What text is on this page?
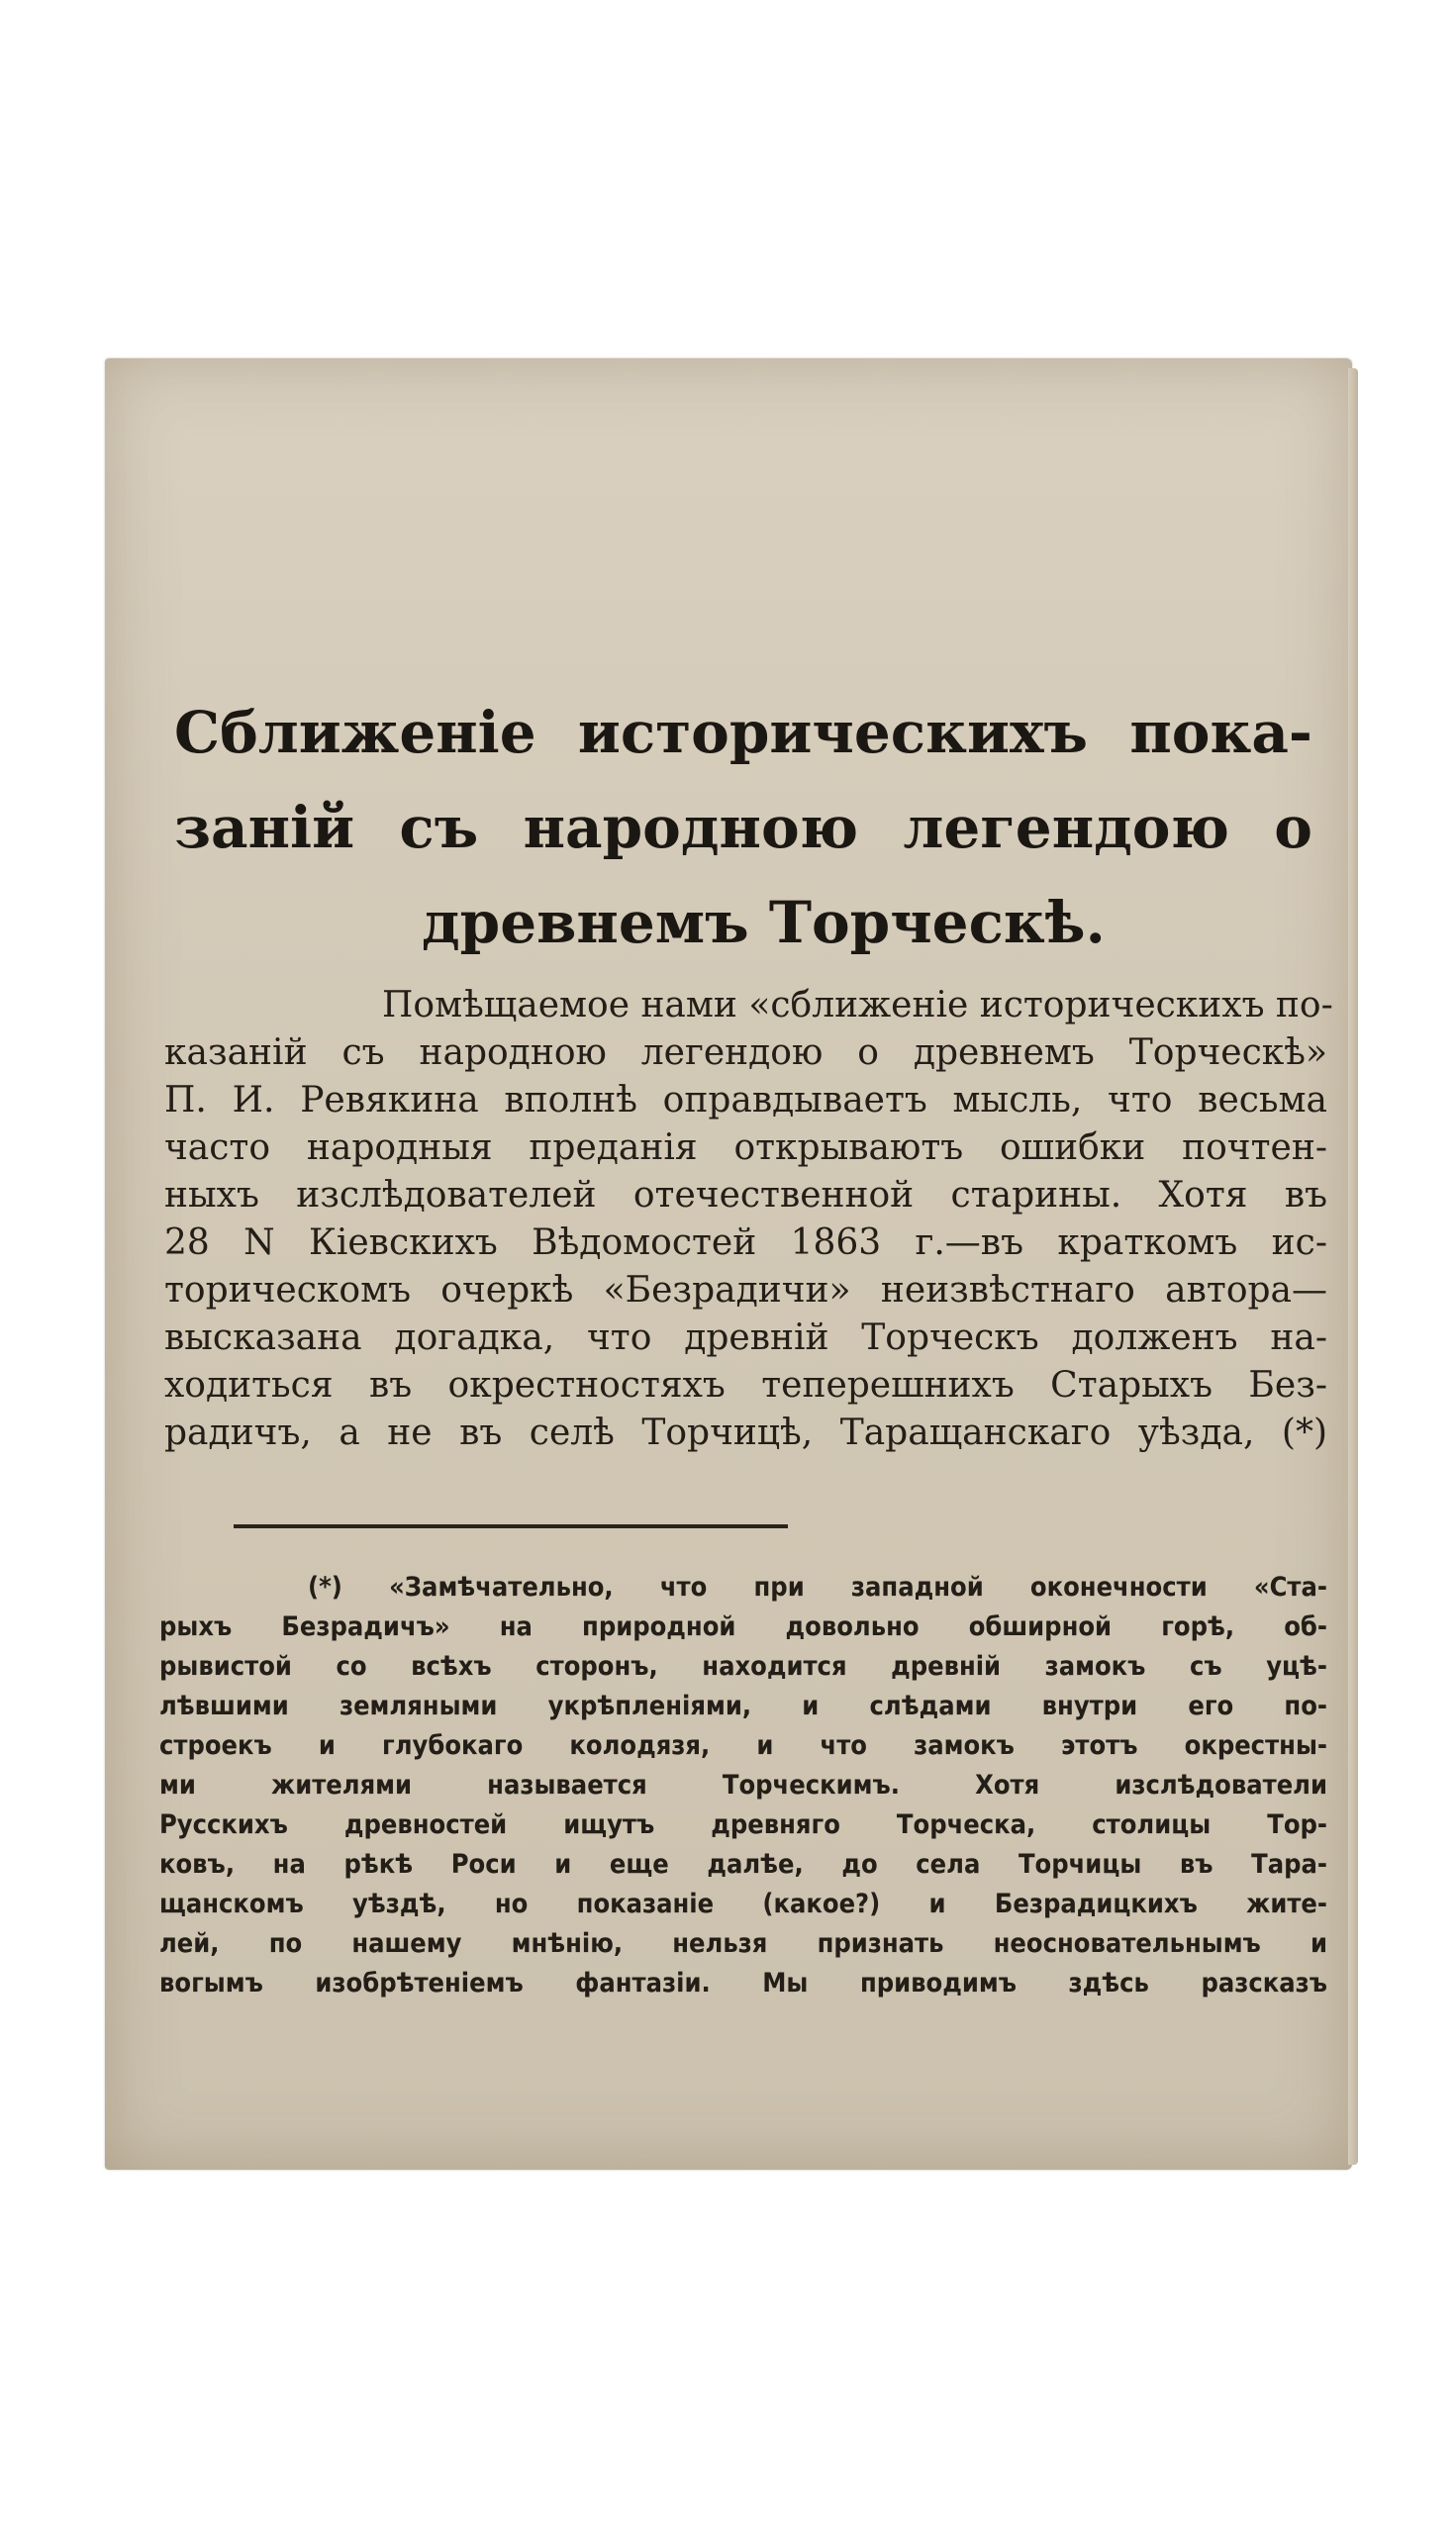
Сближеніе историческихъ пока-
заній съ народною легендою о
древнемъ Торческѣ.
Помѣщаемое нами «сближеніе историческихъ по-
казаній съ народною легендою о древнемъ Торческѣ»
П. И. Ревякина вполнѣ оправдываетъ мысль, что весьма
часто народныя преданія открываютъ ошибки почтен-
ныхъ изслѣдователей отечественной старины. Хотя въ
28 N Кіевскихъ Вѣдомостей 1863 г.—въ краткомъ ис-
торическомъ очеркѣ «Безрадичи» неизвѣстнаго автора—
высказана догадка, что древній Торческъ долженъ на-
ходиться въ окрестностяхъ теперешнихъ Старыхъ Без-
радичъ, а не въ селѣ Торчицѣ, Таращанскаго уѣзда, (*)
(*) «Замѣчательно, что при западной оконечности «Ста-
рыхъ Безрадичъ» на природной довольно обширной горѣ, об-
рывистой со всѣхъ сторонъ, находится древній замокъ съ уцѣ-
лѣвшими земляными укрѣпленіями, и слѣдами внутри его по-
строекъ и глубокаго колодязя, и что замокъ этотъ окрестны-
ми жителями называется Торческимъ. Хотя изслѣдователи
Русскихъ древностей ищутъ древняго Торческа, столицы Тор-
ковъ, на рѣкѣ Роси и еще далѣе, до села Торчицы въ Тара-
щанскомъ уѣздѣ, но показаніе (какое?) и Безрадицкихъ жите-
лей, по нашему мнѣнію, нельзя признать неосновательнымъ и
вогымъ изобрѣтеніемъ фантазіи. Мы приводимъ здѣсь разсказъ
